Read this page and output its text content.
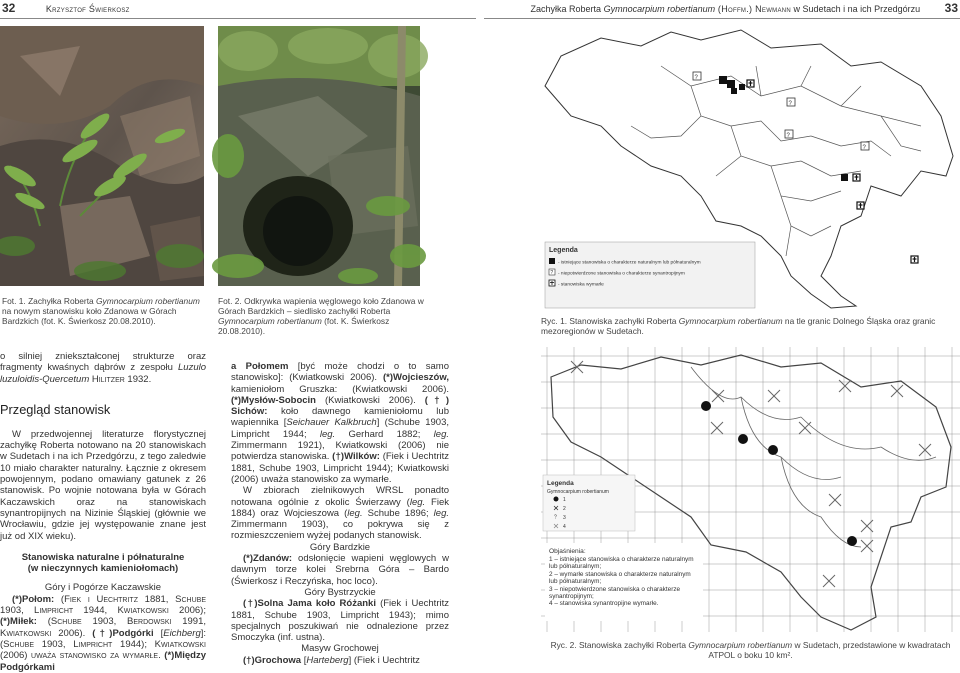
32	Krzysztof Świerkosz	Zachyłka Roberta Gymnocarpium robertianum (Hoffm.) Newmann w Sudetach i na ich Przedgórzu 33
Fot. 1. Zachyłka Roberta Gymnocarpium robertianum na nowym stanowisku koło Zdanowa w Górach Bardzkich (fot. K. Świerkosz 20.08.2010).
Fot. 2. Odkrywka wapienia węglowego koło Zdanowa w Górach Bardzkich – siedlisko zachyłki Roberta Gymnocarpium robertianum (fot. K. Świerkosz 20.08.2010).
?
?
?
?
Legenda
- istniejące stanowiska o charakterze naturalnym lub półnaturalnym
? - niepotwierdzone stanowiska o charakterze synantropijnym
- stanowiska wymarłe
Ryc. 1. Stanowiska zachyłki Roberta Gymnocarpium robertianum na tle granic Dolnego Śląska oraz granic mezoregionów w Sudetach.
Legenda
Gymnocarpium robertianum
1
2
? 3
4
Objaśnienia:
1 – istniejące stanowiska o charakterze naturalnym lub półnaturalnym;
2 – wymarłe stanowiska o charakterze naturalnym lub półnaturalnym;
3 – niepotwierdzone stanowiska o charakterze synantropijnym;
4 – stanowiska synantropijne wymarłe.
Ryc. 2. Stanowiska zachyłki Roberta Gymnocarpium robertianum w Sudetach, przedstawione w kwadratach ATPOL o boku 10 km².

o silniej zniekształconej strukturze oraz fragmenty kwaśnych dąbrów z zespołu Luzulo luzuloidis-Quercetum Hilitzer 1932.

Przegląd stanowisk

W przedwojennej literaturze florystycznej zachyłkę Roberta notowano na 20 stanowiskach w Sudetach i na ich Przedgórzu, z tego zaledwie 10 miało charakter naturalny. Łącznie z okresem powojennym, podano omawiany gatunek z 26 stanowisk. Po wojnie notowana była w Górach Kaczawskich oraz na stanowiskach synantropijnych na Nizinie Śląskiej (głównie we Wrocławiu, gdzie jej występowanie znane jest już od XIX wieku).

Stanowiska naturalne i półnaturalne
(w nieczynnych kamieniołomach)

Góry i Pogórze Kaczawskie

(*)Połom: (Fiek i Uechtritz 1881, Schube 1903, Limpricht 1944, Kwiatkowski 2006); (*)Miłek: (Schube 1903, Berdowski 1991, Kwiatkowski 2006). (†)Podgórki [Eichberg]: (Schube 1903, Limpricht 1944); Kwiatkowski (2006) uważa stanowisko za wymarłe. (*)Między Podgórkami

a Połomem [być może chodzi o to samo stanowisko]: (Kwiatkowski 2006). (*)Wojcieszów, kamieniołom Gruszka: (Kwiatkowski 2006). (*)Mysłów-Sobocin (Kwiatkowski 2006). (†) Sichów: koło dawnego kamieniołomu lub wapiennika [Seichauer Kalkbruch] (Schube 1903, Limpricht 1944; leg. Gerhard 1882; leg. Zimmermann 1921), Kwiatkowski (2006) nie potwierdza stanowiska. (†)Wilków: (Fiek i Uechtritz 1881, Schube 1903, Limpricht 1944); Kwiatkowski (2006) uważa stanowisko za wymarłe.

W zbiorach zielnikowych WRSL ponadto notowana ogólnie z okolic Świerzawy (leg. Fiek 1884) oraz Wojcieszowa (leg. Schube 1896; leg. Zimmermann 1903), co pokrywa się z rozmieszczeniem wyżej podanych stanowisk.

Góry Bardzkie

(*)Zdanów: odsłonięcie wapieni węglowych w dawnym torze kolei Srebrna Góra – Bardo (Świerkosz i Reczyńska, hoc loco).

Góry Bystrzyckie

(†)Solna Jama koło Różanki (Fiek i Uechtritz 1881, Schube 1903, Limpricht 1943); mimo specjalnych poszukiwań nie odnalezione przez Smoczyka (inf. ustna).

Masyw Grochowej

(†)Grochowa [Harteberg] (Fiek i Uechtritz
